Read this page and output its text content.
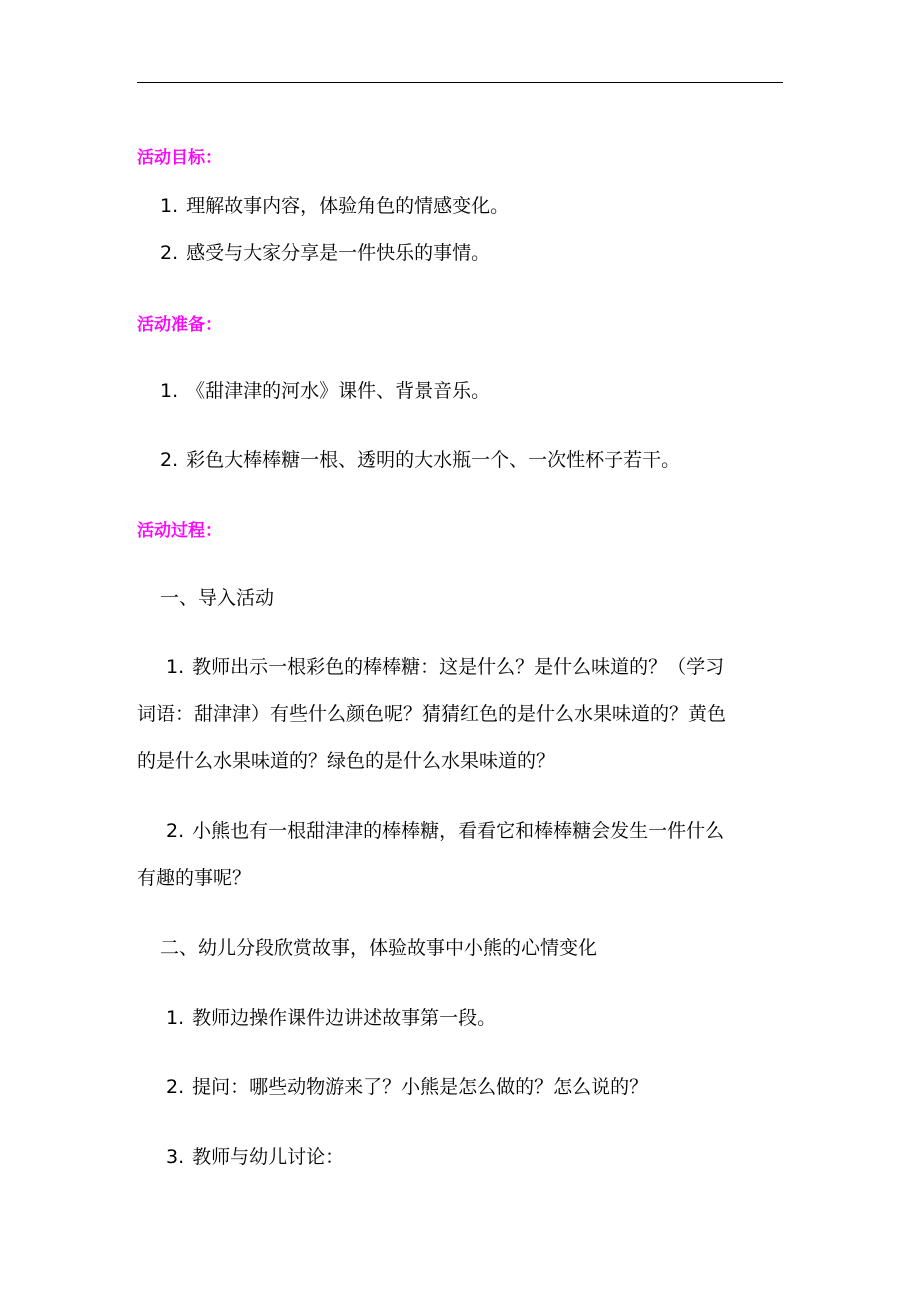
活动目标：
1. 理解故事内容，体验角色的情感变化。
2. 感受与大家分享是一件快乐的事情。
活动准备：
1. 《甜津津的河水》课件、背景音乐。
2. 彩色大棒棒糖一根、透明的大水瓶一个、一次性杯子若干。
活动过程：
一、导入活动
1. 教师出示一根彩色的棒棒糖：这是什么？是什么味道的？（学习
词语：甜津津）有些什么颜色呢？猜猜红色的是什么水果味道的？黄色
的是什么水果味道的？绿色的是什么水果味道的？
2. 小熊也有一根甜津津的棒棒糖，看看它和棒棒糖会发生一件什么
有趣的事呢？
二、幼儿分段欣赏故事，体验故事中小熊的心情变化
1. 教师边操作课件边讲述故事第一段。
2. 提问：哪些动物游来了？小熊是怎么做的？怎么说的？
3. 教师与幼儿讨论：
